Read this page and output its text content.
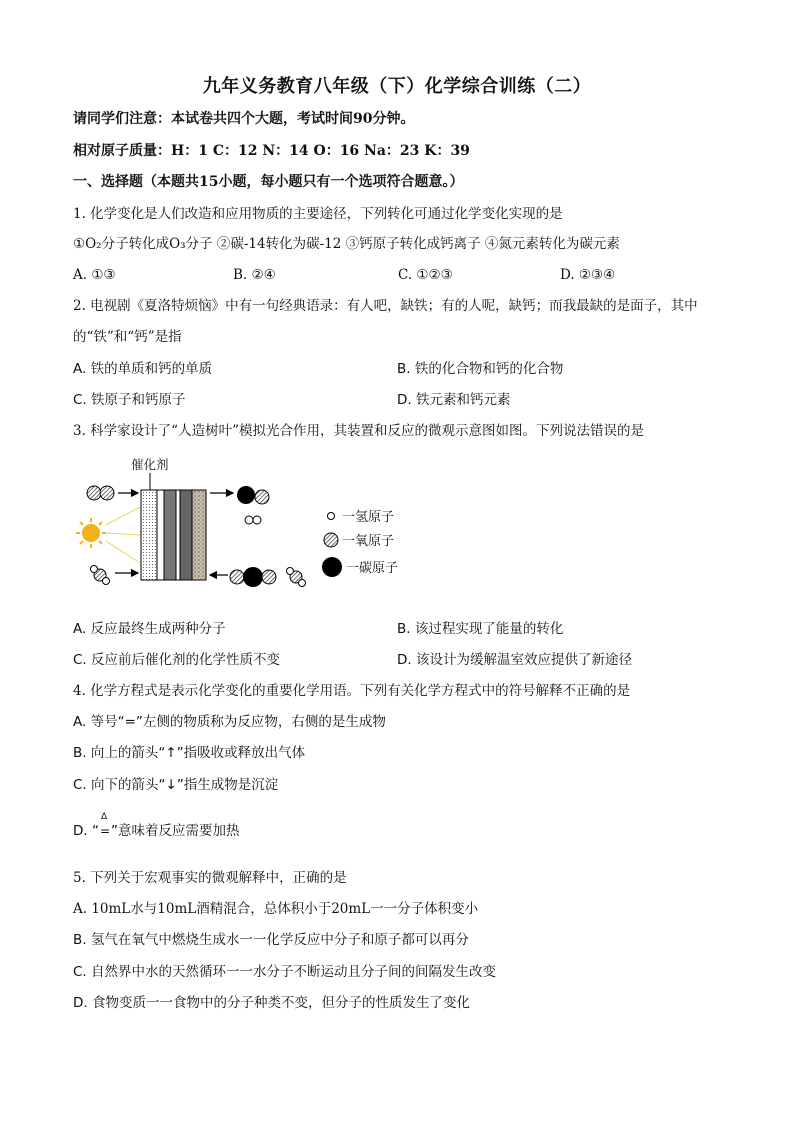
九年义务教育八年级（下）化学综合训练（二）
请同学们注意：本试卷共四个大题，考试时间90分钟。
相对原子质量：H：1 C：12 N：14 O：16 Na：23 K：39
一、选择题（本题共15小题，每小题只有一个选项符合题意。）
1. 化学变化是人们改造和应用物质的主要途径，下列转化可通过化学变化实现的是
①O₂分子转化成O₃分子 ②碳-14转化为碳-12 ③钙原子转化成钙离子 ④氮元素转化为碳元素
A. ①③	B. ②④	C. ①②③	D. ②③④
2. 电视剧《夏洛特烦恼》中有一句经典语录：有人吧，缺铁；有的人呢，缺钙；而我最缺的是面子，其中
的“铁”和“钙”是指
A. 铁的单质和钙的单质	B. 铁的化合物和钙的化合物
C. 铁原子和钙原子	D. 铁元素和钙元素
3. 科学家设计了“人造树叶”模拟光合作用，其装置和反应的微观示意图如图。下列说法错误的是
催化剂
一氢原子
一氧原子
一碳原子
A. 反应最终生成两种分子	B. 该过程实现了能量的转化
C. 反应前后催化剂的化学性质不变	D. 该设计为缓解温室效应提供了新途径
4. 化学方程式是表示化学变化的重要化学用语。下列有关化学方程式中的符号解释不正确的是
A. 等号“=”左侧的物质称为反应物，右侧的是生成物
B. 向上的箭头“↑”指吸收或释放出气体
C. 向下的箭头“↓”指生成物是沉淀
D. “
Δ
=”意味着反应需要加热
5. 下列关于宏观事实的微观解释中，正确的是
A. 10mL水与10mL酒精混合，总体积小于20mL一一分子体积变小
B. 氢气在氧气中燃烧生成水一一化学反应中分子和原子都可以再分
C. 自然界中水的天然循环一一水分子不断运动且分子间的间隔发生改变
D. 食物变质一一食物中的分子种类不变，但分子的性质发生了变化
